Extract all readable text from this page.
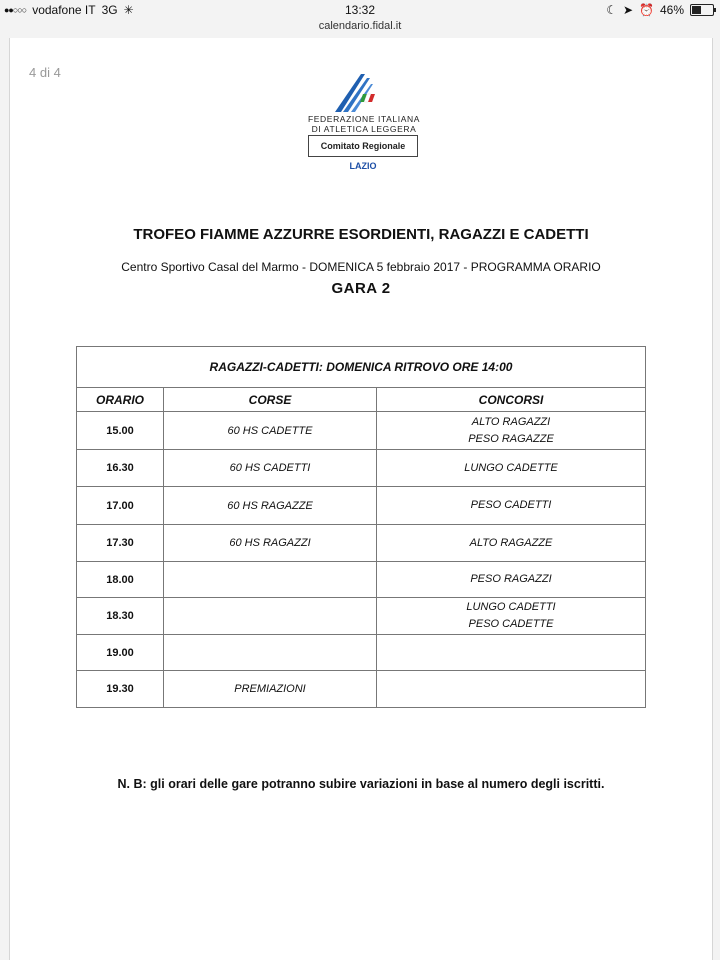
●●○○○ vodafone IT 3G ✳	13:32
calendario.fidal.it
☾ ➤ ⏰ 46%
4 di 4
FEDERAZIONE ITALIANA
DI ATLETICA LEGGERA
Comitato Regionale LAZIO
TROFEO FIAMME AZZURRE ESORDIENTI, RAGAZZI E CADETTI
Centro Sportivo Casal del Marmo - DOMENICA 5 febbraio 2017 - PROGRAMMA ORARIO
GARA 2
RAGAZZI-CADETTI: DOMENICA RITROVO ORE 14:00		
ORARIO	CORSE	CONCORSI
15.00	60 HS CADETTE	ALTO RAGAZZI
PESO RAGAZZE

16.30	60 HS CADETTI	LUNGO CADETTE

17.00	60 HS RAGAZZE	PESO CADETTI

17.30	60 HS RAGAZZI	ALTO RAGAZZE

18.00		PESO RAGAZZI

18.30		LUNGO CADETTI
PESO CADETTE

19.00		
19.30	PREMIAZIONI	
N. B: gli orari delle gare potranno subire variazioni in base al numero degli iscritti.
